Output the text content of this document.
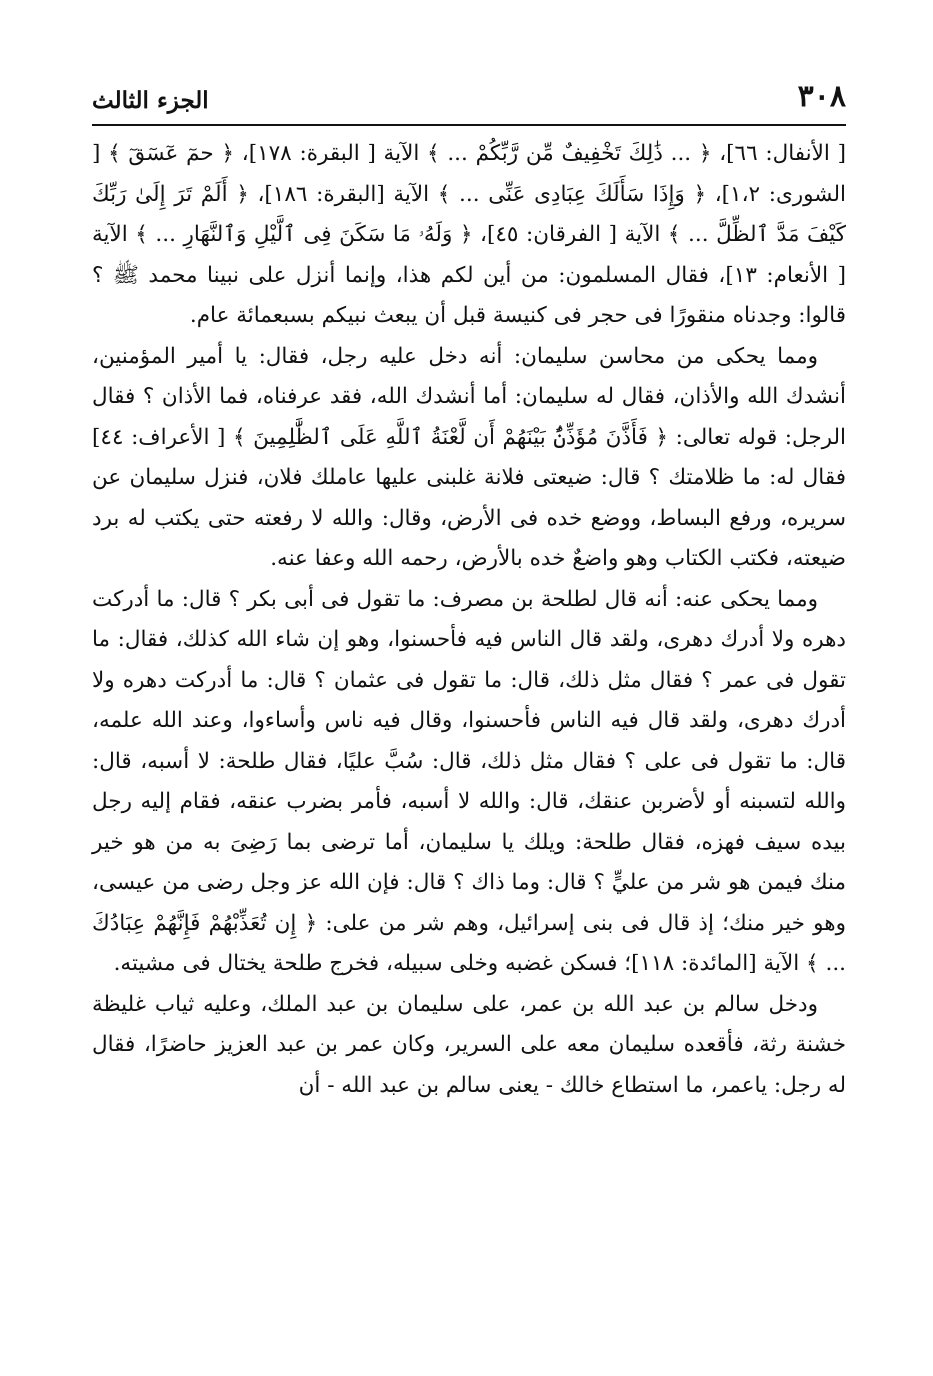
٣٠٨
الجزء الثالث

[ الأنفال: ٦٦]، ﴿ ... ذَٰلِكَ تَخْفِيفٌ مِّن رَّبِّكُمْ ... ﴾ الآية [ البقرة: ١٧٨]، ﴿ حمٓ عٓسٓقٓ ﴾ [ الشورى: ١،٢]، ﴿ وَإِذَا سَأَلَكَ عِبَادِى عَنِّى ... ﴾ الآية [البقرة: ١٨٦]، ﴿ أَلَمْ تَرَ إِلَىٰ رَبِّكَ كَيْفَ مَدَّ ٱلظِّلَّ ... ﴾ الآية [ الفرقان: ٤٥]، ﴿ وَلَهُۥ مَا سَكَنَ فِى ٱلَّيْلِ وَٱلنَّهَارِ ... ﴾ الآية [ الأنعام: ١٣]، فقال المسلمون: من أين لكم هذا، وإنما أنزل على نبينا محمد ﷺ ؟ قالوا: وجدناه منقورًا فى حجر فى كنيسة قبل أن يبعث نبيكم بسبعمائة عام.

ومما يحكى من محاسن سليمان: أنه دخل عليه رجل، فقال: يا أمير المؤمنين، أنشدك الله والأذان، فقال له سليمان: أما أنشدك الله، فقد عرفناه، فما الأذان ؟ فقال الرجل: قوله تعالى: ﴿ فَأَذَّنَ مُؤَذِّنٌۢ بَيْنَهُمْ أَن لَّعْنَةُ ٱللَّهِ عَلَى ٱلظَّٰلِمِينَ ﴾ [ الأعراف: ٤٤] فقال له: ما ظلامتك ؟ قال: ضيعتى فلانة غلبنى عليها عاملك فلان، فنزل سليمان عن سريره، ورفع البساط، ووضع خده فى الأرض، وقال: والله لا رفعته حتى يكتب له برد ضيعته، فكتب الكتاب وهو واضعٌ خده بالأرض، رحمه الله وعفا عنه.

ومما يحكى عنه: أنه قال لطلحة بن مصرف: ما تقول فى أبى بكر ؟ قال: ما أدركت دهره ولا أدرك دهرى، ولقد قال الناس فيه فأحسنوا، وهو إن شاء الله كذلك، فقال: ما تقول فى عمر ؟ فقال مثل ذلك، قال: ما تقول فى عثمان ؟ قال: ما أدركت دهره ولا أدرك دهرى، ولقد قال فيه الناس فأحسنوا، وقال فيه ناس وأساءوا، وعند الله علمه، قال: ما تقول فى على ؟ فقال مثل ذلك، قال: سُبَّ عليًا، فقال طلحة: لا أسبه، قال: والله لتسبنه أو لأضربن عنقك، قال: والله لا أسبه، فأمر بضرب عنقه، فقام إليه رجل بيده سيف فهزه، فقال طلحة: ويلك يا سليمان، أما ترضى بما رَضِىَ به من هو خير منك فيمن هو شر من عليٍّ ؟ قال: وما ذاك ؟ قال: فإن الله عز وجل رضى من عيسى، وهو خير منك؛ إذ قال فى بنى إسرائيل، وهم شر من على: ﴿ إِن تُعَذِّبْهُمْ فَإِنَّهُمْ عِبَادُكَ ... ﴾ الآية [المائدة: ١١٨]؛ فسكن غضبه وخلى سبيله، فخرج طلحة يختال فى مشيته.

ودخل سالم بن عبد الله بن عمر، على سليمان بن عبد الملك، وعليه ثياب غليظة خشنة رثة، فأقعده سليمان معه على السرير، وكان عمر بن عبد العزيز حاضرًا، فقال له رجل: ياعمر، ما استطاع خالك - يعنى سالم بن عبد الله - أن
